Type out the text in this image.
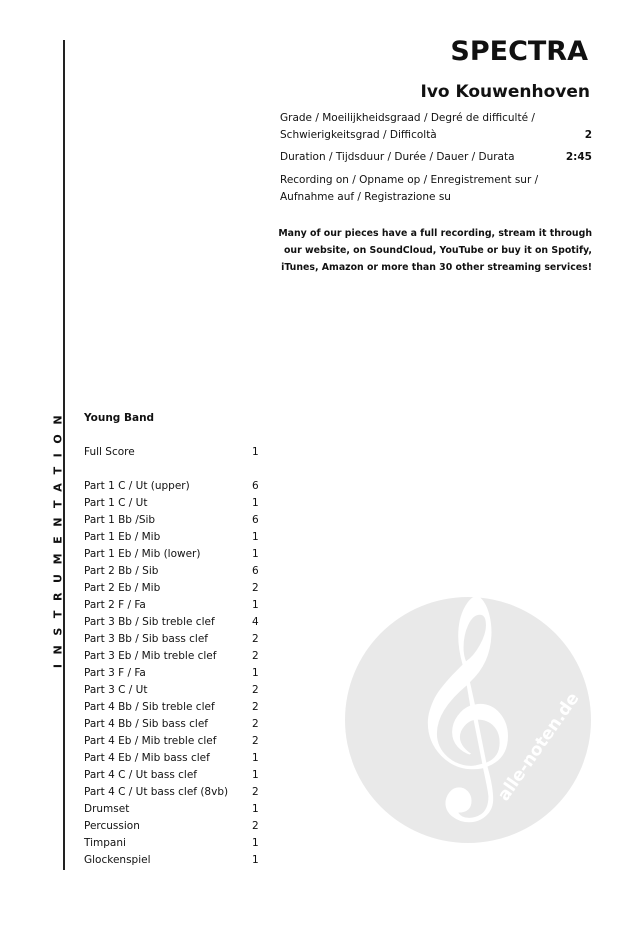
INSTRUMENTATION
SPECTRA
Ivo Kouwenhoven
Grade / Moeilijkheidsgraad / Degré de difficulté /
Schwierigkeitsgrad / Difficoltà	2
Duration / Tijdsduur / Durée / Dauer / Durata	2:45
Recording on / Opname op / Enregistrement sur /
Aufnahme auf / Registrazione su
Many of our pieces have a full recording, stream it through
our website, on SoundCloud, YouTube or buy it on Spotify,
iTunes, Amazon or more than 30 other streaming services!
𝄞
alle-noten.de
Young Band
Full Score	1
Part 1 C / Ut (upper)	6
Part 1 C / Ut	1
Part 1 Bb /Sib	6
Part 1 Eb / Mib	1
Part 1 Eb / Mib (lower)	1
Part 2 Bb / Sib	6
Part 2 Eb / Mib	2
Part 2 F / Fa	1
Part 3 Bb / Sib treble clef	4
Part 3 Bb / Sib bass clef	2
Part 3 Eb / Mib treble clef	2
Part 3 F / Fa	1
Part 3 C / Ut	2
Part 4 Bb / Sib treble clef	2
Part 4 Bb / Sib bass clef	2
Part 4 Eb / Mib treble clef	2
Part 4 Eb / Mib bass clef	1
Part 4 C / Ut bass clef	1
Part 4 C / Ut bass clef (8vb) 2
Drumset	1
Percussion	2
Timpani	1
Glockenspiel	1
